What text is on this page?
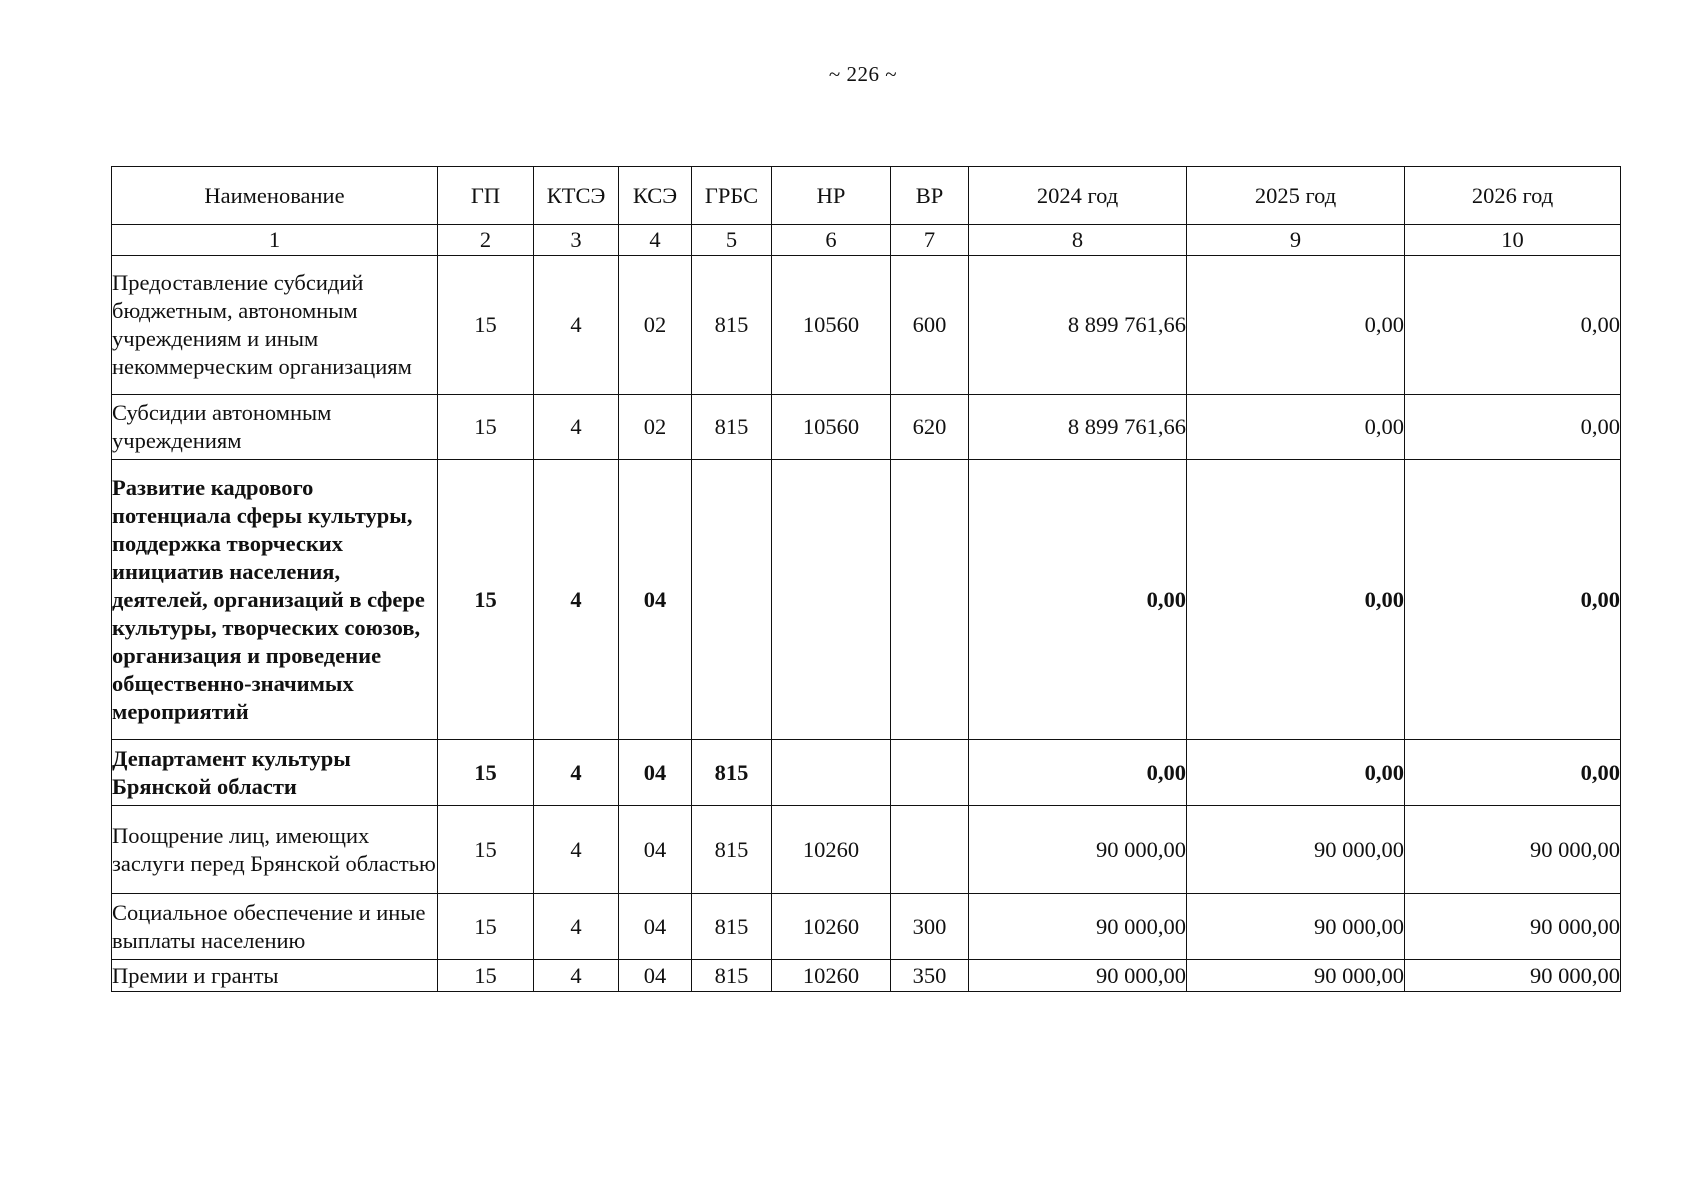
~ 226 ~
Наименование	ГП	КТСЭ	КСЭ	ГРБС	НР	ВР	2024 год	2025 год	2026 год
1	2	3	4	5	6	7	8	9	10
Предоставление субсидий бюджетным, автономным учреждениям и иным некоммерческим организациям	15	4	02	815	10560	600	8 899 761,66	0,00	0,00
Субсидии автономным учреждениям	15	4	02	815	10560	620	8 899 761,66	0,00	0,00
Развитие кадрового потенциала сферы культуры, поддержка творческих инициатив населения, деятелей, организаций в сфере культуры, творческих союзов, организация и проведение общественно-значимых мероприятий	15	4	04				0,00	0,00	0,00
Департамент культуры Брянской области	15	4	04	815			0,00	0,00	0,00
Поощрение лиц, имеющих заслуги перед Брянской областью	15	4	04	815	10260		90 000,00	90 000,00	90 000,00
Социальное обеспечение и иные выплаты населению	15	4	04	815	10260	300	90 000,00	90 000,00	90 000,00
Премии и гранты	15	4	04	815	10260	350	90 000,00	90 000,00	90 000,00
